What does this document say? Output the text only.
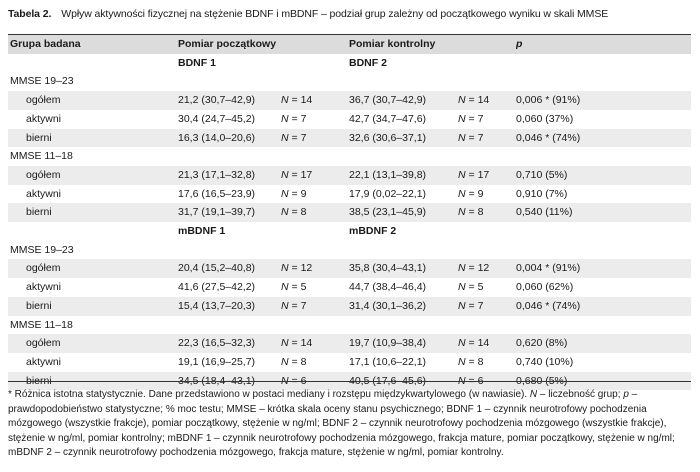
Tabela 2. Wpływ aktywności fizycznej na stężenie BDNF i mBDNF – podział grup zależny od początkowego wyniku w skali MMSE
Grupa badana	Pomiar początkowy		Pomiar kontrolny		p
	BDNF 1		BDNF 2		
MMSE 19–23					
ogółem	21,2 (30,7–42,9)	N = 14	36,7 (30,7–42,9)	N = 14	0,006 * (91%)
aktywni	30,4 (24,7–45,2)	N = 7	42,7 (34,7–47,6)	N = 7	0,060 (37%)
bierni	16,3 (14,0–20,6)	N = 7	32,6 (30,6–37,1)	N = 7	0,046 * (74%)
MMSE 11–18					
ogółem	21,3 (17,1–32,8)	N = 17	22,1 (13,1–39,8)	N = 17	0,710 (5%)
aktywni	17,6 (16,5–23,9)	N = 9	17,9 (0,02–22,1)	N = 9	0,910 (7%)
bierni	31,7 (19,1–39,7)	N = 8	38,5 (23,1–45,9)	N = 8	0,540 (11%)
	mBDNF 1		mBDNF 2		
MMSE 19–23					
ogółem	20,4 (15,2–40,8)	N = 12	35,8 (30,4–43,1)	N = 12	0,004 * (91%)
aktywni	41,6 (27,5–42,2)	N = 5	44,7 (38,4–46,4)	N = 5	0,060 (62%)
bierni	15,4 (13,7–20,3)	N = 7	31,4 (30,1–36,2)	N = 7	0,046 * (74%)
MMSE 11–18					
ogółem	22,3 (16,5–32,3)	N = 14	19,7 (10,9–38,4)	N = 14	0,620 (8%)
aktywni	19,1 (16,9–25,7)	N = 8	17,1 (10,6–22,1)	N = 8	0,740 (10%)
bierni	34,5 (18,4–43,1)	N = 6	40,5 (17,6–45,6)	N = 6	0,680 (5%)

* Różnica istotna statystycznie. Dane przedstawiono w postaci mediany i rozstępu międzykwartylowego (w nawiasie). N – liczebność grup; p – prawdopodobieństwo statystyczne; % moc testu; MMSE – krótka skala oceny stanu psychicznego; BDNF 1 – czynnik neurotrofowy pochodzenia mózgowego (wszystkie frakcje), pomiar początkowy, stężenie w ng/ml; BDNF 2 – czynnik neurotrofowy pochodzenia mózgowego (wszystkie frakcje), stężenie w ng/ml, pomiar kontrolny; mBDNF 1 – czynnik neurotrofowy pochodzenia mózgowego, frakcja mature, pomiar początkowy, stężenie w ng/ml; mBDNF 2 – czynnik neurotrofowy pochodzenia mózgowego, frakcja mature, stężenie w ng/ml, pomiar kontrolny.
